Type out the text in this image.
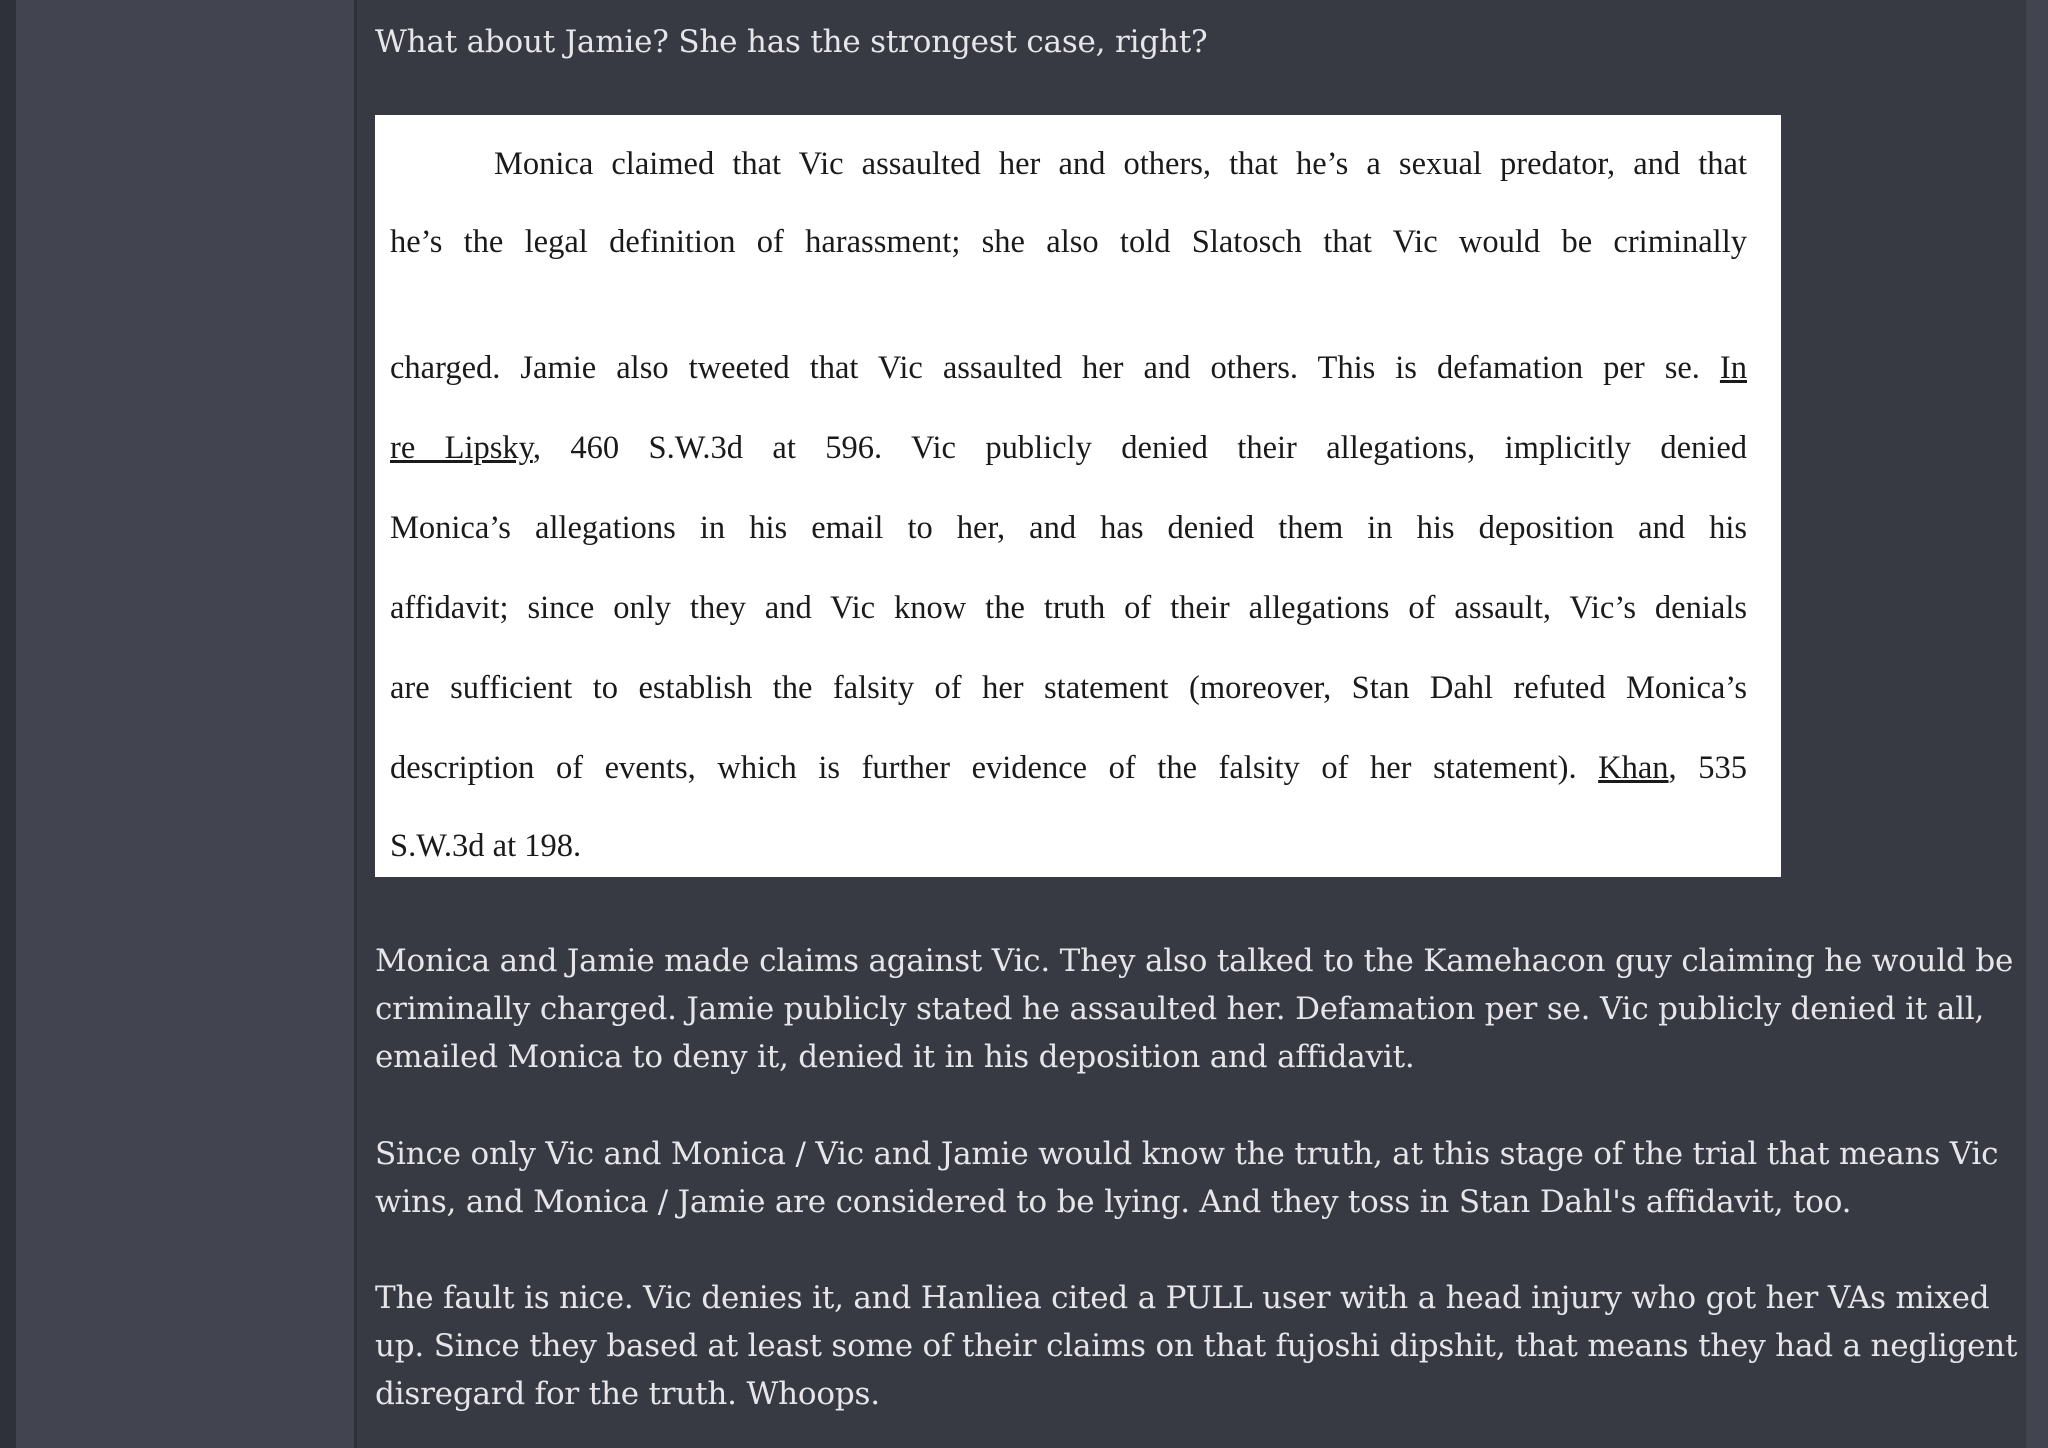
What about Jamie? She has the strongest case, right?

Monica claimed that Vic assaulted her and others, that he’s a sexual predator, and that
he’s the legal definition of harassment; she also told Slatosch that Vic would be criminally
charged. Jamie also tweeted that Vic assaulted her and others. This is defamation per se. In
re Lipsky, 460 S.W.3d at 596. Vic publicly denied their allegations, implicitly denied
Monica’s allegations in his email to her, and has denied them in his deposition and his
affidavit; since only they and Vic know the truth of their allegations of assault, Vic’s denials
are sufficient to establish the falsity of her statement (moreover, Stan Dahl refuted Monica’s
description of events, which is further evidence of the falsity of her statement). Khan, 535
S.W.3d at 198.
Monica and Jamie made claims against Vic. They also talked to the Kamehacon guy claiming he would be
criminally charged. Jamie publicly stated he assaulted her. Defamation per se. Vic publicly denied it all,
emailed Monica to deny it, denied it in his deposition and affidavit.
Since only Vic and Monica / Vic and Jamie would know the truth, at this stage of the trial that means Vic
wins, and Monica / Jamie are considered to be lying. And they toss in Stan Dahl's affidavit, too.
The fault is nice. Vic denies it, and Hanliea cited a PULL user with a head injury who got her VAs mixed
up. Since they based at least some of their claims on that fujoshi dipshit, that means they had a negligent
disregard for the truth. Whoops.
